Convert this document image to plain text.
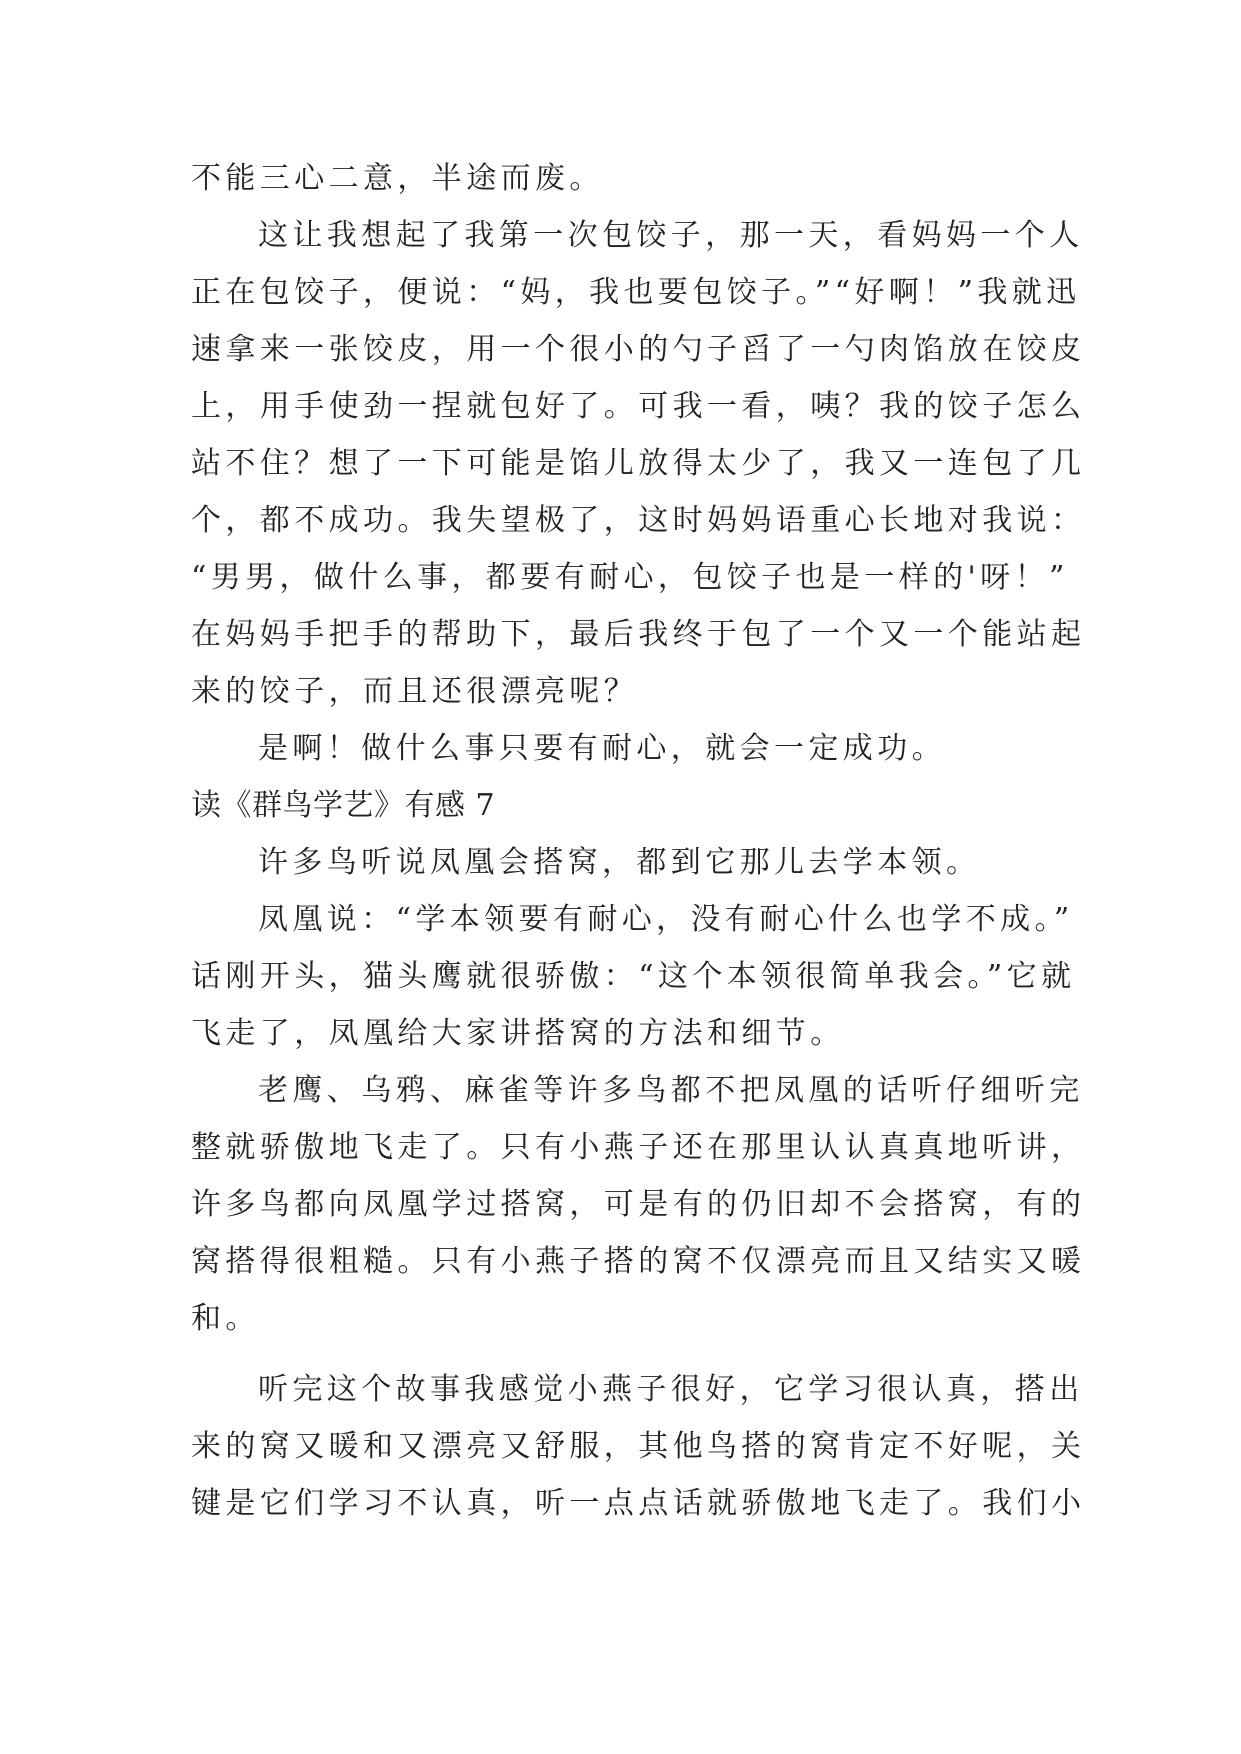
不能三心二意，半途而废。
这让我想起了我第一次包饺子，那一天，看妈妈一个人
正在包饺子，便说：“妈，我也要包饺子。”“好啊！”我就迅
速拿来一张饺皮，用一个很小的勺子舀了一勺肉馅放在饺皮
上，用手使劲一捏就包好了。可我一看，咦？我的饺子怎么
站不住？想了一下可能是馅儿放得太少了，我又一连包了几
个，都不成功。我失望极了，这时妈妈语重心长地对我说：
“男男，做什么事，都要有耐心，包饺子也是一样的'呀！”
在妈妈手把手的帮助下，最后我终于包了一个又一个能站起
来的饺子，而且还很漂亮呢？
是啊！做什么事只要有耐心，就会一定成功。
读《群鸟学艺》有感 7
许多鸟听说凤凰会搭窝，都到它那儿去学本领。
凤凰说：“学本领要有耐心，没有耐心什么也学不成。”
话刚开头，猫头鹰就很骄傲：“这个本领很简单我会。”它就
飞走了，凤凰给大家讲搭窝的方法和细节。
老鹰、乌鸦、麻雀等许多鸟都不把凤凰的话听仔细听完
整就骄傲地飞走了。只有小燕子还在那里认认真真地听讲，
许多鸟都向凤凰学过搭窝，可是有的仍旧却不会搭窝，有的
窝搭得很粗糙。只有小燕子搭的窝不仅漂亮而且又结实又暖
和。
听完这个故事我感觉小燕子很好，它学习很认真，搭出
来的窝又暖和又漂亮又舒服，其他鸟搭的窝肯定不好呢，关
键是它们学习不认真，听一点点话就骄傲地飞走了。我们小
